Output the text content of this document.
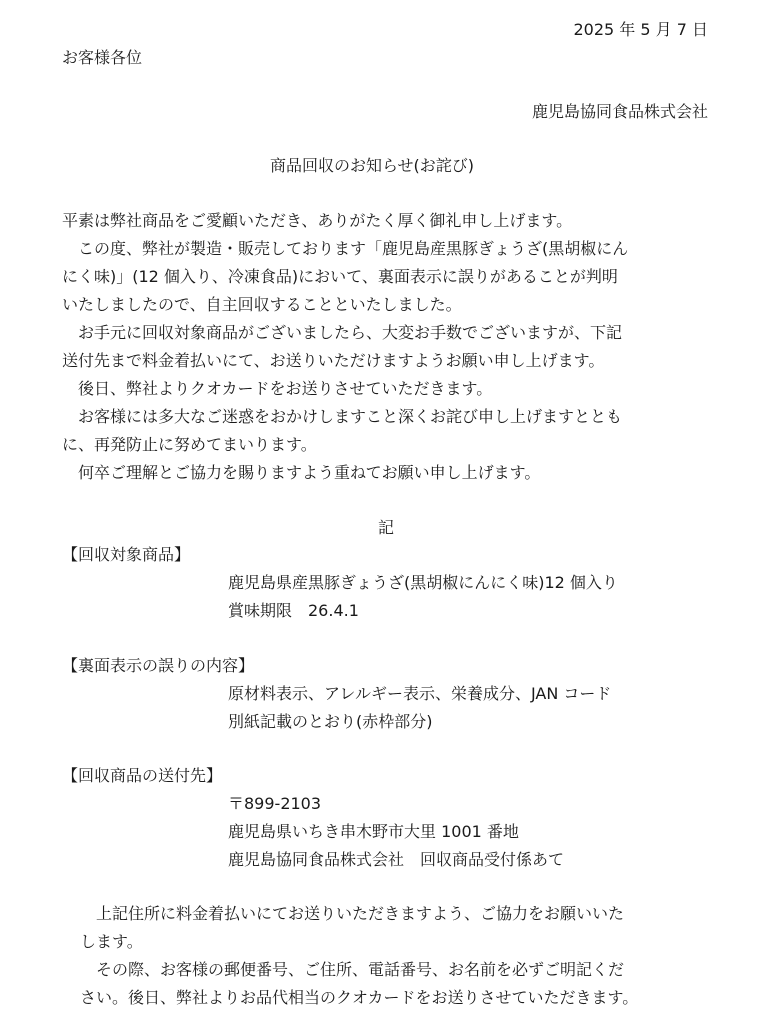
2025 年 5 月 7 日
お客様各位
鹿児島協同食品株式会社
商品回収のお知らせ(お詫び)
平素は弊社商品をご愛顧いただき、ありがたく厚く御礼申し上げます。
　この度、弊社が製造・販売しております「鹿児島産黒豚ぎょうざ(黒胡椒にん
にく味)」(12 個入り、冷凍食品)において、裏面表示に誤りがあることが判明
いたしましたので、自主回収することといたしました。
　お手元に回収対象商品がございましたら、大変お手数でございますが、下記
送付先まで料金着払いにて、お送りいただけますようお願い申し上げます。
　後日、弊社よりクオカードをお送りさせていただきます。
　お客様には多大なご迷惑をおかけしますこと深くお詫び申し上げますととも
に、再発防止に努めてまいります。
　何卒ご理解とご協力を賜りますよう重ねてお願い申し上げます。
記
【回収対象商品】
鹿児島県産黒豚ぎょうざ(黒胡椒にんにく味)12 個入り
賞味期限　26.4.1
【裏面表示の誤りの内容】
原材料表示、アレルギー表示、栄養成分、JAN コード
別紙記載のとおり(赤枠部分)
【回収商品の送付先】
〒899-2103
鹿児島県いちき串木野市大里 1001 番地
鹿児島協同食品株式会社　回収商品受付係あて
　上記住所に料金着払いにてお送りいただきますよう、ご協力をお願いいた
します。
　その際、お客様の郵便番号、ご住所、電話番号、お名前を必ずご明記くだ
さい。後日、弊社よりお品代相当のクオカードをお送りさせていただきます。
